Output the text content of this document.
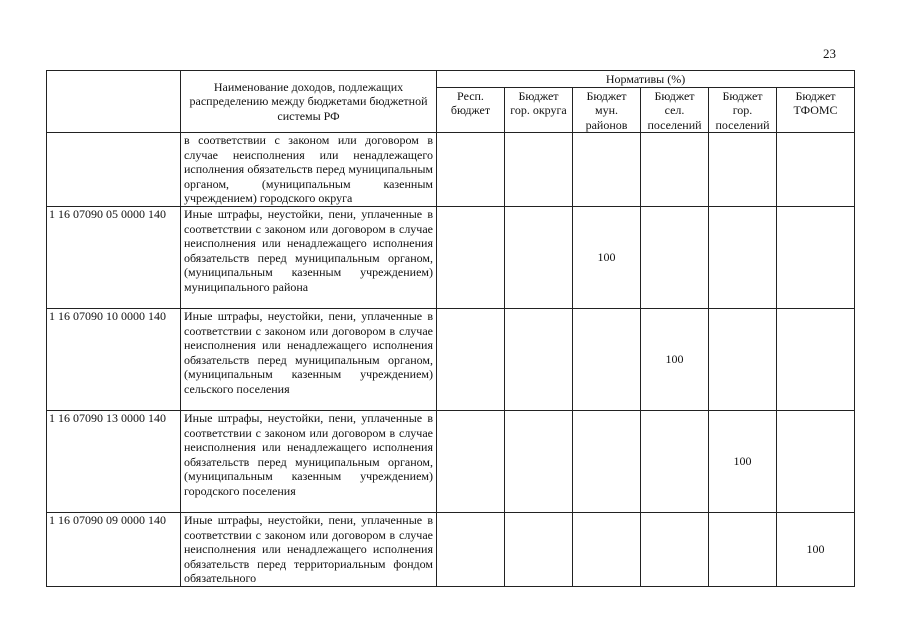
23
	Наименование доходов, подлежащих распределению между бюджетами бюджетной системы РФ	Нормативы (%)					
		Респ. бюджет	Бюджет гор. округа	Бюджет мун. районов	Бюджет сел. поселений	Бюджет гор. поселений	Бюджет ТФОМС
	в соответствии с законом или договором в случае неисполнения или ненадлежащего исполнения обязательств перед муниципальным органом, (муниципальным казенным учреждением) городского округа						
1 16 07090 05 0000 140	Иные штрафы, неустойки, пени, уплаченные в соответствии с законом или договором в случае неисполнения или ненадлежащего исполнения обязательств перед муниципальным органом, (муниципальным казенным учреждением) муниципального района			100			
1 16 07090 10 0000 140	Иные штрафы, неустойки, пени, уплаченные в соответствии с законом или договором в случае неисполнения или ненадлежащего исполнения обязательств перед муниципальным органом, (муниципальным казенным учреждением) сельского поселения				100		
1 16 07090 13 0000 140	Иные штрафы, неустойки, пени, уплаченные в соответствии с законом или договором в случае неисполнения или ненадлежащего исполнения обязательств перед муниципальным органом, (муниципальным казенным учреждением) городского поселения					100	
1 16 07090 09 0000 140	Иные штрафы, неустойки, пени, уплаченные в соответствии с законом или договором в случае неисполнения или ненадлежащего исполнения обязательств перед территориальным фондом обязательного						100
